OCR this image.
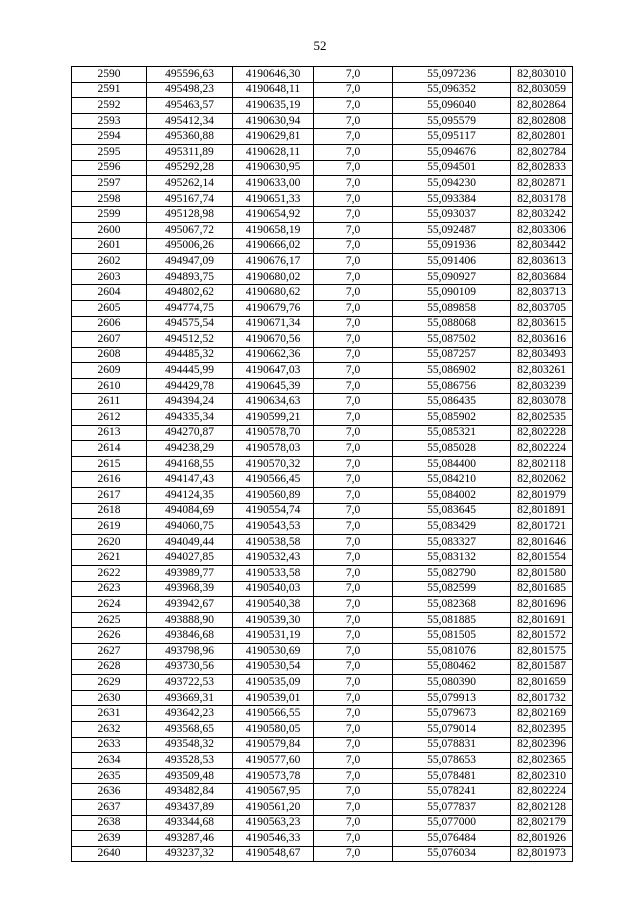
52
2590	495596,63	4190646,30	7,0	55,097236	82,803010
2591	495498,23	4190648,11	7,0	55,096352	82,803059
2592	495463,57	4190635,19	7,0	55,096040	82,802864
2593	495412,34	4190630,94	7,0	55,095579	82,802808
2594	495360,88	4190629,81	7,0	55,095117	82,802801
2595	495311,89	4190628,11	7,0	55,094676	82,802784
2596	495292,28	4190630,95	7,0	55,094501	82,802833
2597	495262,14	4190633,00	7,0	55,094230	82,802871
2598	495167,74	4190651,33	7,0	55,093384	82,803178
2599	495128,98	4190654,92	7,0	55,093037	82,803242
2600	495067,72	4190658,19	7,0	55,092487	82,803306
2601	495006,26	4190666,02	7,0	55,091936	82,803442
2602	494947,09	4190676,17	7,0	55,091406	82,803613
2603	494893,75	4190680,02	7,0	55,090927	82,803684
2604	494802,62	4190680,62	7,0	55,090109	82,803713
2605	494774,75	4190679,76	7,0	55,089858	82,803705
2606	494575,54	4190671,34	7,0	55,088068	82,803615
2607	494512,52	4190670,56	7,0	55,087502	82,803616
2608	494485,32	4190662,36	7,0	55,087257	82,803493
2609	494445,99	4190647,03	7,0	55,086902	82,803261
2610	494429,78	4190645,39	7,0	55,086756	82,803239
2611	494394,24	4190634,63	7,0	55,086435	82,803078
2612	494335,34	4190599,21	7,0	55,085902	82,802535
2613	494270,87	4190578,70	7,0	55,085321	82,802228
2614	494238,29	4190578,03	7,0	55,085028	82,802224
2615	494168,55	4190570,32	7,0	55,084400	82,802118
2616	494147,43	4190566,45	7,0	55,084210	82,802062
2617	494124,35	4190560,89	7,0	55,084002	82,801979
2618	494084,69	4190554,74	7,0	55,083645	82,801891
2619	494060,75	4190543,53	7,0	55,083429	82,801721
2620	494049,44	4190538,58	7,0	55,083327	82,801646
2621	494027,85	4190532,43	7,0	55,083132	82,801554
2622	493989,77	4190533,58	7,0	55,082790	82,801580
2623	493968,39	4190540,03	7,0	55,082599	82,801685
2624	493942,67	4190540,38	7,0	55,082368	82,801696
2625	493888,90	4190539,30	7,0	55,081885	82,801691
2626	493846,68	4190531,19	7,0	55,081505	82,801572
2627	493798,96	4190530,69	7,0	55,081076	82,801575
2628	493730,56	4190530,54	7,0	55,080462	82,801587
2629	493722,53	4190535,09	7,0	55,080390	82,801659
2630	493669,31	4190539,01	7,0	55,079913	82,801732
2631	493642,23	4190566,55	7,0	55,079673	82,802169
2632	493568,65	4190580,05	7,0	55,079014	82,802395
2633	493548,32	4190579,84	7,0	55,078831	82,802396
2634	493528,53	4190577,60	7,0	55,078653	82,802365
2635	493509,48	4190573,78	7,0	55,078481	82,802310
2636	493482,84	4190567,95	7,0	55,078241	82,802224
2637	493437,89	4190561,20	7,0	55,077837	82,802128
2638	493344,68	4190563,23	7,0	55,077000	82,802179
2639	493287,46	4190546,33	7,0	55,076484	82,801926
2640	493237,32	4190548,67	7,0	55,076034	82,801973
